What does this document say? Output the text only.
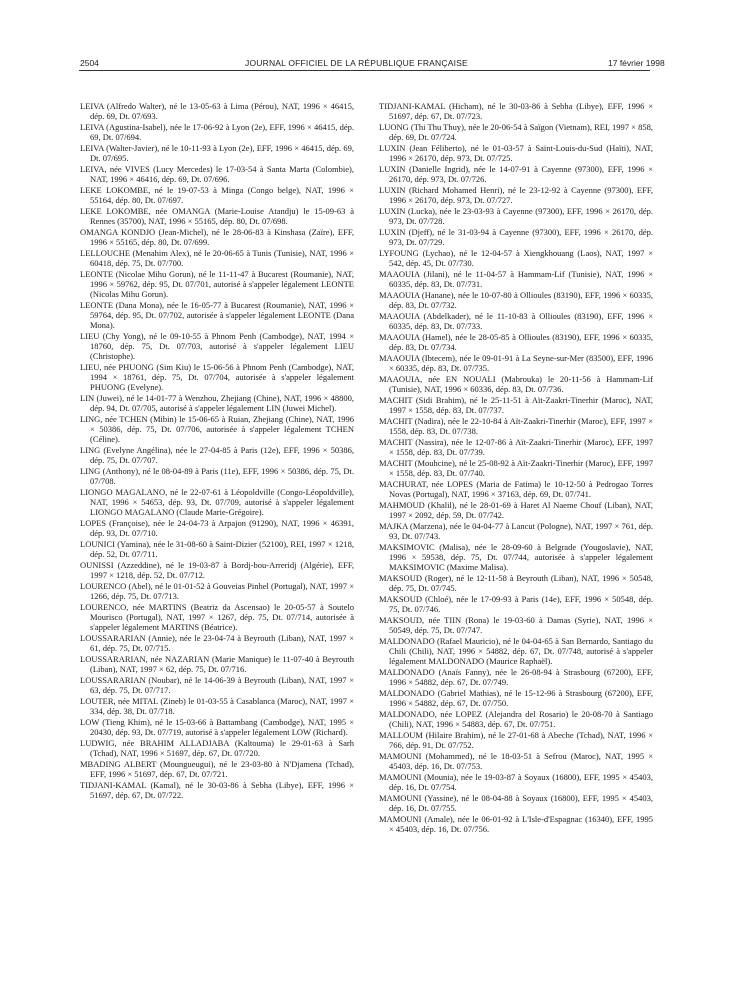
2504	JOURNAL OFFICIEL DE LA RÉPUBLIQUE FRANÇAISE	17 février 1998

LEIVA (Alfredo Walter), né le 13-05-63 à Lima (Pérou), NAT, 1996 × 46415, dép. 69, Dt. 07/693.

LEIVA (Agustina-Isabel), née le 17-06-92 à Lyon (2e), EFF, 1996 × 46415, dép. 69, Dt. 07/694.

LEIVA (Walter-Javier), né le 10-11-93 à Lyon (2e), EFF, 1996 × 46415, dép. 69, Dt. 07/695.

LEIVA, née VIVES (Lucy Mercedes) le 17-03-54 à Santa Marta (Colombie), NAT, 1996 × 46416, dép. 69, Dt. 07/696.

LEKE LOKOMBE, né le 19-07-53 à Minga (Congo belge), NAT, 1996 × 55164, dép. 80, Dt. 07/697.

LEKE LOKOMBE, née OMANGA (Marie-Louise Atandju) le 15-09-63 à Rennes (35700), NAT, 1996 × 55165, dép. 80, Dt. 07/698.

OMANGA KONDJO (Jean-Michel), né le 28-06-83 à Kinshasa (Zaïre), EFF, 1996 × 55165, dép. 80, Dt. 07/699.

LELLOUCHE (Menahim Alex), né le 20-06-65 à Tunis (Tunisie), NAT, 1996 × 60418, dép. 75, Dt. 07/700.

LEONTE (Nicolae Mihu Gorun), né le 11-11-47 à Bucarest (Roumanie), NAT, 1996 × 59762, dép. 95, Dt. 07/701, autorisé à s'appeler légalement LEONTE (Nicolas Mihu Gorun).

LEONTE (Dana Mona), née le 16-05-77 à Bucarest (Roumanie), NAT, 1996 × 59764, dép. 95, Dt. 07/702, autorisée à s'appeler légalement LEONTE (Dana Mona).

LIEU (Chy Yong), né le 09-10-55 à Phnom Penh (Cambodge), NAT, 1994 × 18760, dép. 75, Dt. 07/703, autorisé à s'appeler légalement LIEU (Christophe).

LIEU, née PHUONG (Sim Kiu) le 15-06-56 à Phnom Penh (Cambodge), NAT, 1994 × 18761, dép. 75, Dt. 07/704, autorisée à s'appeler légalement PHUONG (Evelyne).

LIN (Juwei), né le 14-01-77 à Wenzhou, Zhejiang (Chine), NAT, 1996 × 48800, dép. 94, Dt. 07/705, autorisé à s'appeler légalement LIN (Juwei Michel).

LING, née TCHEN (Mibin) le 15-06-65 à Ruian, Zhejiang (Chine), NAT, 1996 × 50386, dép. 75, Dt. 07/706, autorisée à s'appeler légalement TCHEN (Céline).

LING (Evelyne Angélina), née le 27-04-85 à Paris (12e), EFF, 1996 × 50386, dép. 75, Dt. 07/707.

LING (Anthony), né le 08-04-89 à Paris (11e), EFF, 1996 × 50386, dép. 75, Dt. 07/708.

LIONGO MAGALANO, né le 22-07-61 à Léopoldville (Congo-Léopoldville), NAT, 1996 × 54653, dép. 93, Dt. 07/709, autorisé à s'appeler légalement LIONGO MAGALANO (Claude Marie-Grégoire).

LOPES (Françoise), née le 24-04-73 à Arpajon (91290), NAT, 1996 × 46391, dép. 93, Dt. 07/710.

LOUNICI (Yamina), née le 31-08-60 à Saint-Dizier (52100), REI, 1997 × 1218, dép. 52, Dt. 07/711.

OUNISSI (Azzeddine), né le 19-03-87 à Bordj-bou-Arreridj (Algérie), EFF, 1997 × 1218, dép. 52, Dt. 07/712.

LOURENCO (Abel), né le 01-01-52 à Gouveias Pinhel (Portugal), NAT, 1997 × 1266, dép. 75, Dt. 07/713.

LOURENCO, née MARTINS (Beatriz da Ascensao) le 20-05-57 à Soutelo Mourisco (Portugal), NAT, 1997 × 1267, dép. 75, Dt. 07/714, autorisée à s'appeler légalement MARTINS (Béatrice).

LOUSSARARIAN (Annie), née le 23-04-74 à Beyrouth (Liban), NAT, 1997 × 61, dép. 75, Dt. 07/715.

LOUSSARARIAN, née NAZARIAN (Marie Manique) le 11-07-40 à Beyrouth (Liban), NAT, 1997 × 62, dép. 75, Dt. 07/716.

LOUSSARARIAN (Noubar), né le 14-06-39 à Beyrouth (Liban), NAT, 1997 × 63, dép. 75, Dt. 07/717.

LOUTER, née MITAL (Zineb) le 01-03-55 à Casablanca (Maroc), NAT, 1997 × 334, dép. 38, Dt. 07/718.

LOW (Tieng Khim), né le 15-03-66 à Battambang (Cambodge), NAT, 1995 × 20430, dép. 93, Dt. 07/719, autorisé à s'appeler légalement LOW (Richard).

LUDWIG, née BRAHIM ALLADJABA (Kaltouma) le 29-01-63 à Sarh (Tchad), NAT, 1996 × 51697, dép. 67, Dt. 07/720.

MBADING ALBERT (Moungueugui), né le 23-03-80 à N'Djamena (Tchad), EFF, 1996 × 51697, dép. 67, Dt. 07/721.

TIDJANI-KAMAL (Kamal), né le 30-03-86 à Sebha (Libye), EFF, 1996 × 51697, dép. 67, Dt. 07/722.

TIDJANI-KAMAL (Hicham), né le 30-03-86 à Sebha (Libye), EFF, 1996 × 51697, dép. 67, Dt. 07/723.

LUONG (Thi Thu Thuy), née le 20-06-54 à Saïgon (Vietnam), REI, 1997 × 858, dép. 69, Dt. 07/724.

LUXIN (Jean Féliberto), né le 01-03-57 à Saint-Louis-du-Sud (Haïti), NAT, 1996 × 26170, dép. 973, Dt. 07/725.

LUXIN (Danielle Ingrid), née le 14-07-91 à Cayenne (97300), EFF, 1996 × 26170, dép. 973, Dt. 07/726.

LUXIN (Richard Mohamed Henri), né le 23-12-92 à Cayenne (97300), EFF, 1996 × 26170, dép. 973, Dt. 07/727.

LUXIN (Lucka), née le 23-03-93 à Cayenne (97300), EFF, 1996 × 26170, dép. 973, Dt. 07/728.

LUXIN (Djeff), né le 31-03-94 à Cayenne (97300), EFF, 1996 × 26170, dép. 973, Dt. 07/729.

LYFOUNG (Lychao), né le 12-04-57 à Xiengkhouang (Laos), NAT, 1997 × 542, dép. 45, Dt. 07/730.

MAAOUIA (Jilani), né le 11-04-57 à Hammam-Lif (Tunisie), NAT, 1996 × 60335, dép. 83, Dt. 07/731.

MAAOUIA (Hanane), née le 10-07-80 à Ollioules (83190), EFF, 1996 × 60335, dép. 83, Dt. 07/732.

MAAOUIA (Abdelkader), né le 11-10-83 à Ollioules (83190), EFF, 1996 × 60335, dép. 83, Dt. 07/733.

MAAOUIA (Hamel), née le 28-05-85 à Ollioules (83190), EFF, 1996 × 60335, dép. 83, Dt. 07/734.

MAAOUIA (Ibtecem), née le 09-01-91 à La Seyne-sur-Mer (83500), EFF, 1996 × 60335, dép. 83, Dt. 07/735.

MAAOUIA, née EN NOUALI (Mabrouka) le 20-11-56 à Hammam-Lif (Tunisie), NAT, 1996 × 60336, dép. 83, Dt. 07/736.

MACHIT (Sidi Brahim), né le 25-11-51 à Aït-Zaakri-Tinerhir (Maroc), NAT, 1997 × 1558, dép. 83, Dt. 07/737.

MACHIT (Nadira), née le 22-10-84 à Aït-Zaakri-Tinerhir (Maroc), EFF, 1997 × 1558, dép. 83, Dt. 07/738.

MACHIT (Nassira), née le 12-07-86 à Aït-Zaakri-Tinerhir (Maroc), EFF, 1997 × 1558, dép. 83, Dt. 07/739.

MACHIT (Mouhcine), né le 25-08-92 à Aït-Zaakri-Tinerhir (Maroc), EFF, 1997 × 1558, dép. 83, Dt. 07/740.

MACHURAT, née LOPES (Maria de Fatima) le 10-12-50 à Pedrogao Torres Novas (Portugal), NAT, 1996 × 37163, dép. 69, Dt. 07/741.

MAHMOUD (Khalil), né le 28-01-69 à Haret Al Naeme Chouf (Liban), NAT, 1997 × 2092, dép. 59, Dt. 07/742.

MAJKA (Marzena), née le 04-04-77 à Lancut (Pologne), NAT, 1997 × 761, dép. 93, Dt. 07/743.

MAKSIMOVIC (Malisa), née le 28-09-60 à Belgrade (Yougoslavie), NAT, 1996 × 59538, dép. 75, Dt. 07/744, autorisée à s'appeler légalement MAKSIMOVIC (Maxime Malisa).

MAKSOUD (Roger), né le 12-11-58 à Beyrouth (Liban), NAT, 1996 × 50548, dép. 75, Dt. 07/745.

MAKSOUD (Chloé), née le 17-09-93 à Paris (14e), EFF, 1996 × 50548, dép. 75, Dt. 07/746.

MAKSOUD, née TIIN (Rona) le 19-03-60 à Damas (Syrie), NAT, 1996 × 50549, dép. 75, Dt. 07/747.

MALDONADO (Rafael Mauricio), né le 04-04-65 à San Bernardo, Santiago du Chili (Chili), NAT, 1996 × 54882, dép. 67, Dt. 07/748, autorisé à s'appeler légalement MALDONADO (Maurice Raphaël).

MALDONADO (Anaïs Fanny), née le 26-08-94 à Strasbourg (67200), EFF, 1996 × 54882, dép. 67, Dt. 07/749.

MALDONADO (Gabriel Mathias), né le 15-12-96 à Strasbourg (67200), EFF, 1996 × 54882, dép. 67, Dt. 07/750.

MALDONADO, née LOPEZ (Alejandra del Rosario) le 20-08-70 à Santiago (Chili), NAT, 1996 × 54883, dép. 67, Dt. 07/751.

MALLOUM (Hilaire Brahim), né le 27-01-68 à Abeche (Tchad), NAT, 1996 × 766, dép. 91, Dt. 07/752.

MAMOUNI (Mohammed), né le 18-03-51 à Sefrou (Maroc), NAT, 1995 × 45403, dép. 16, Dt. 07/753.

MAMOUNI (Mounia), née le 19-03-87 à Soyaux (16800), EFF, 1995 × 45403, dép. 16, Dt. 07/754.

MAMOUNI (Yassine), né le 08-04-88 à Soyaux (16800), EFF, 1995 × 45403, dép. 16, Dt. 07/755.

MAMOUNI (Amale), née le 06-01-92 à L'Isle-d'Espagnac (16340), EFF, 1995 × 45403, dép. 16, Dt. 07/756.
